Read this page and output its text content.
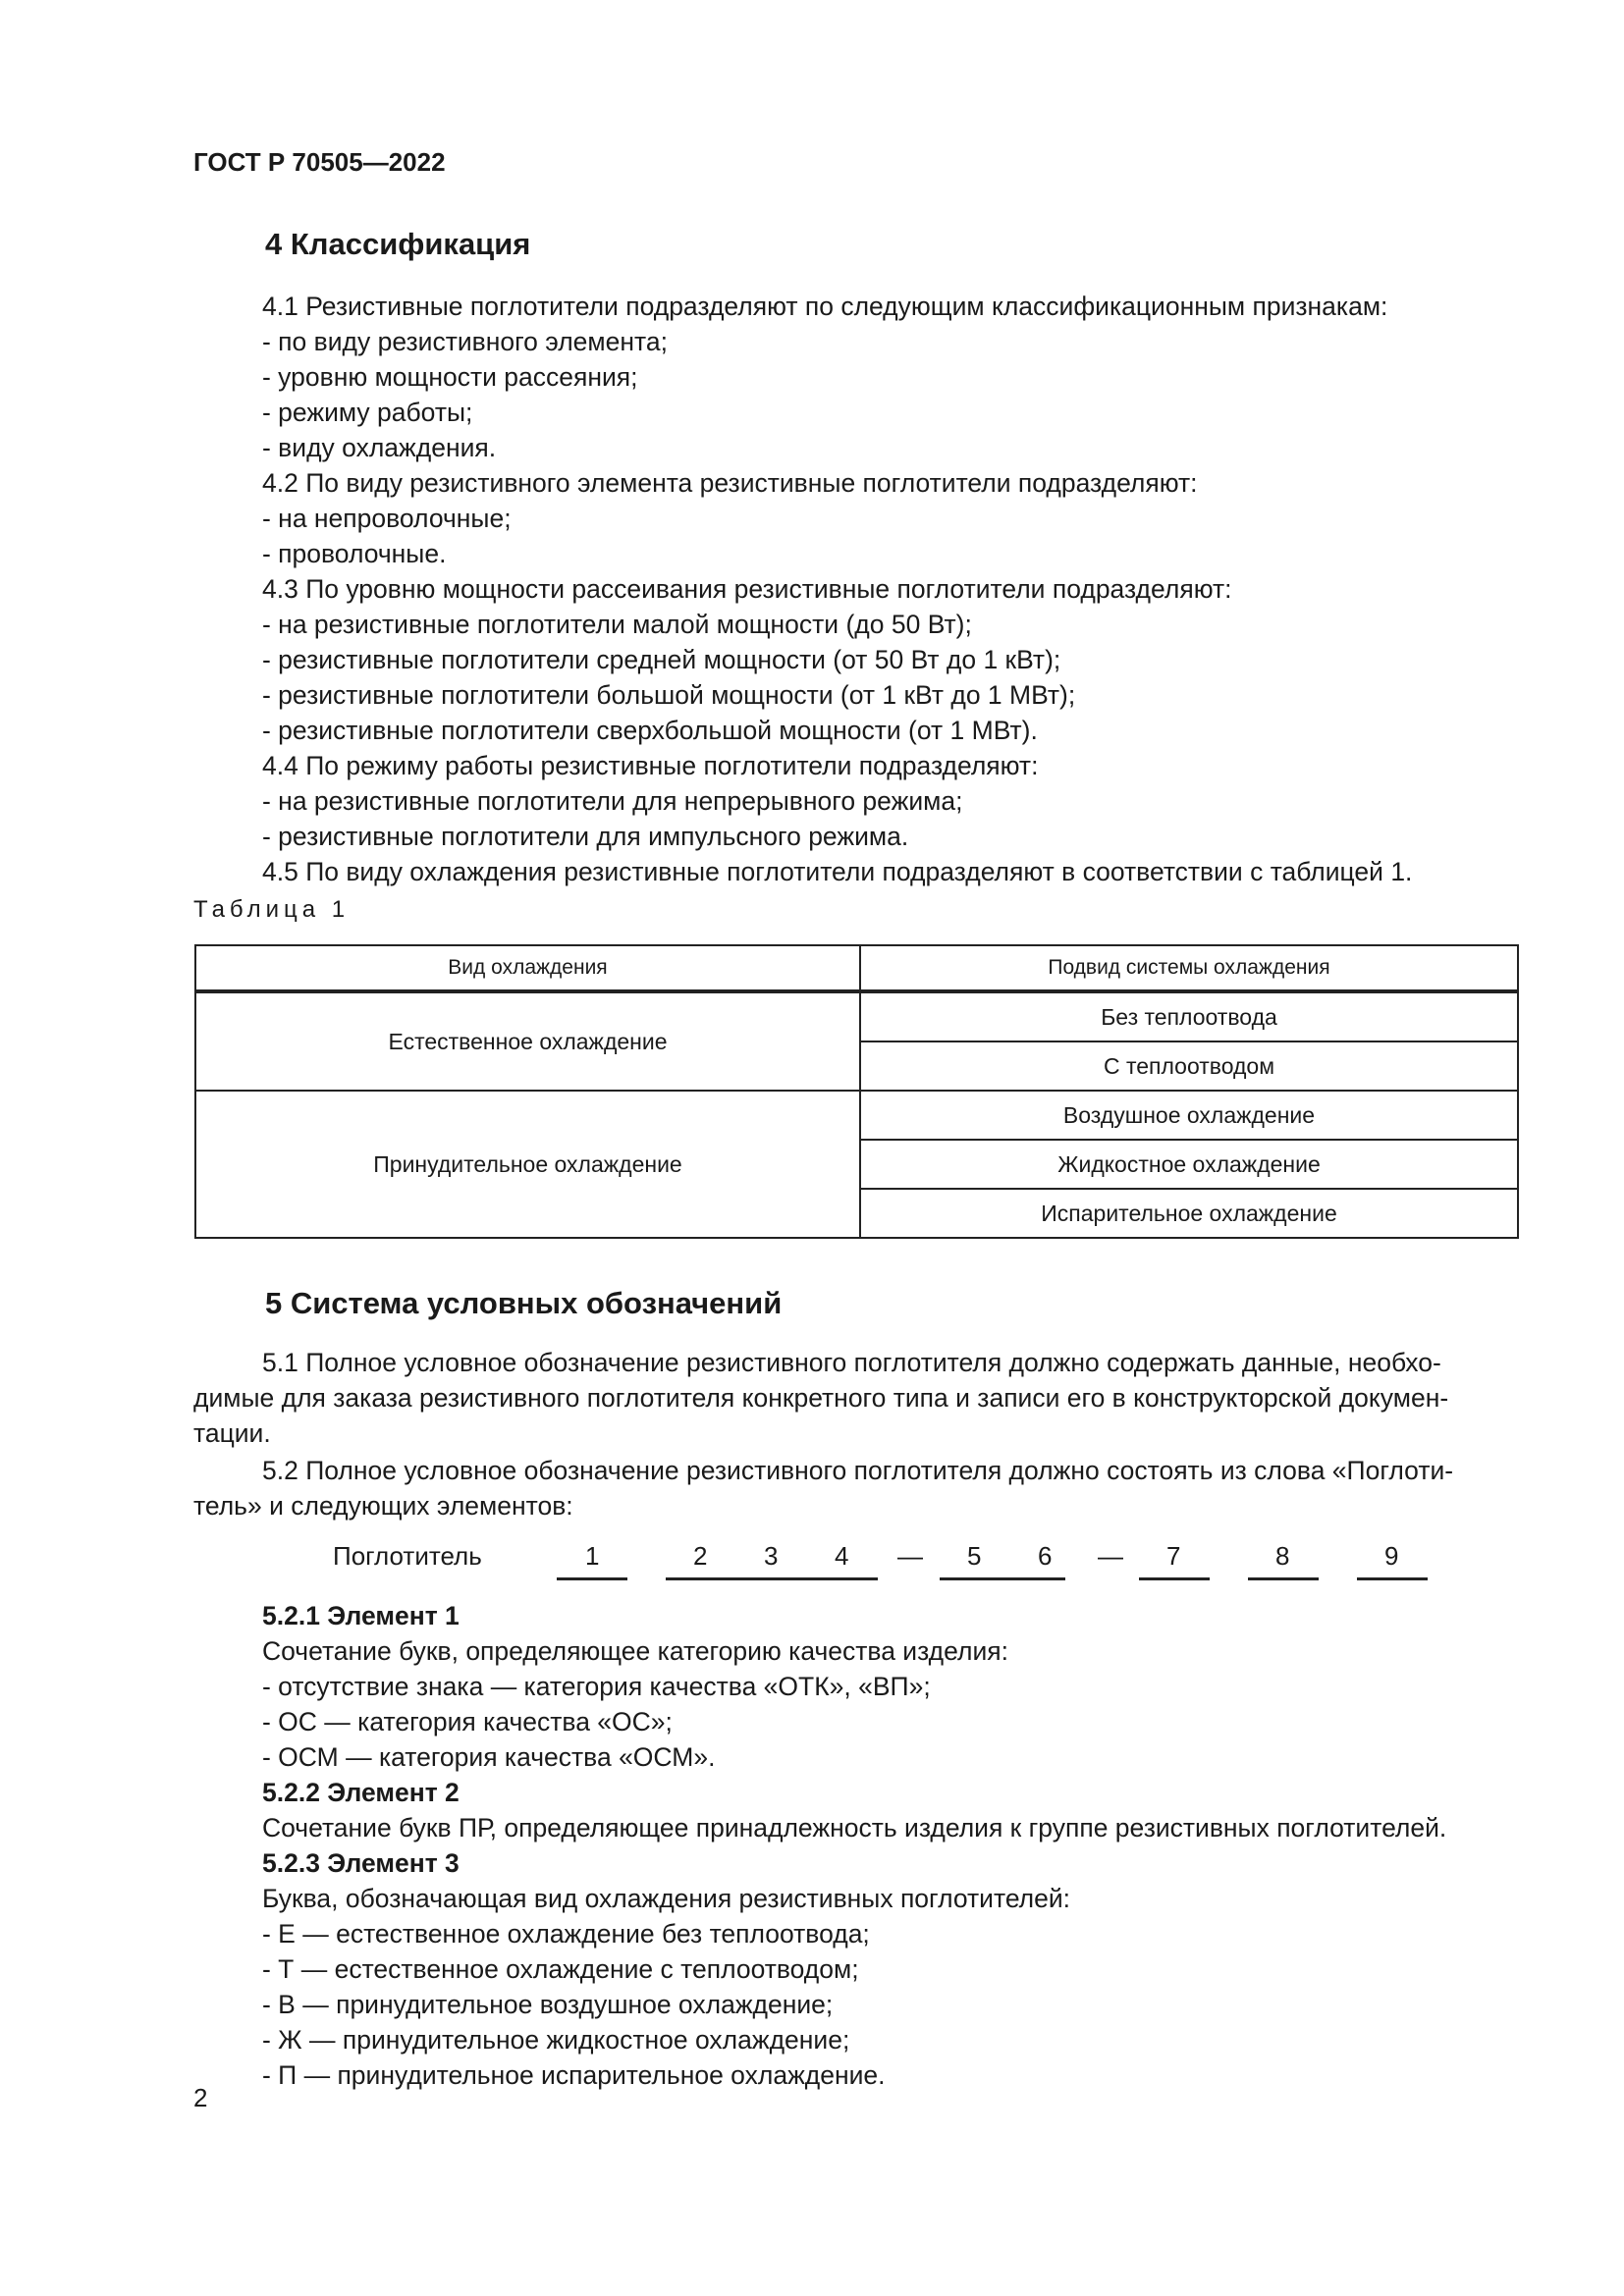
ГОСТ Р 70505—2022
4 Классификация
4.1 Резистивные поглотители подразделяют по следующим классификационным признакам:
- по виду резистивного элемента;
- уровню мощности рассеяния;
- режиму работы;
- виду охлаждения.
4.2 По виду резистивного элемента резистивные поглотители подразделяют:
- на непроволочные;
- проволочные.
4.3 По уровню мощности рассеивания резистивные поглотители подразделяют:
- на резистивные поглотители малой мощности (до 50 Вт);
- резистивные поглотители средней мощности (от 50 Вт до 1 кВт);
- резистивные поглотители большой мощности (от 1 кВт до 1 МВт);
- резистивные поглотители сверхбольшой мощности (от 1 МВт).
4.4 По режиму работы резистивные поглотители подразделяют:
- на резистивные поглотители для непрерывного режима;
- резистивные поглотители для импульсного режима.
4.5 По виду охлаждения резистивные поглотители подразделяют в соответствии с таблицей 1.
Таблица 1
Вид охлаждения	Подвид системы охлаждения
Естественное охлаждение	Без теплоотвода
	С теплоотводом
Принудительное охлаждение	Воздушное охлаждение
	Жидкостное охлаждение
	Испарительное охлаждение
5 Система условных обозначений
5.1 Полное условное обозначение резистивного поглотителя должно содержать данные, необхо-
димые для заказа резистивного поглотителя конкретного типа и записи его в конструкторской докумен-
тации.
5.2 Полное условное обозначение резистивного поглотителя должно состоять из слова «Поглоти-
тель» и следующих элементов:
Поглотитель	1	2 3 4 — 5 6 — 7	8	9
5.2.1 Элемент 1
Сочетание букв, определяющее категорию качества изделия:
- отсутствие знака — категория качества «ОТК», «ВП»;
- ОС — категория качества «ОС»;
- ОСМ — категория качества «ОСМ».
5.2.2 Элемент 2
Сочетание букв ПР, определяющее принадлежность изделия к группе резистивных поглотителей.
5.2.3 Элемент 3
Буква, обозначающая вид охлаждения резистивных поглотителей:
- Е — естественное охлаждение без теплоотвода;
- Т — естественное охлаждение с теплоотводом;
- В — принудительное воздушное охлаждение;
- Ж — принудительное жидкостное охлаждение;
- П — принудительное испарительное охлаждение.
2
